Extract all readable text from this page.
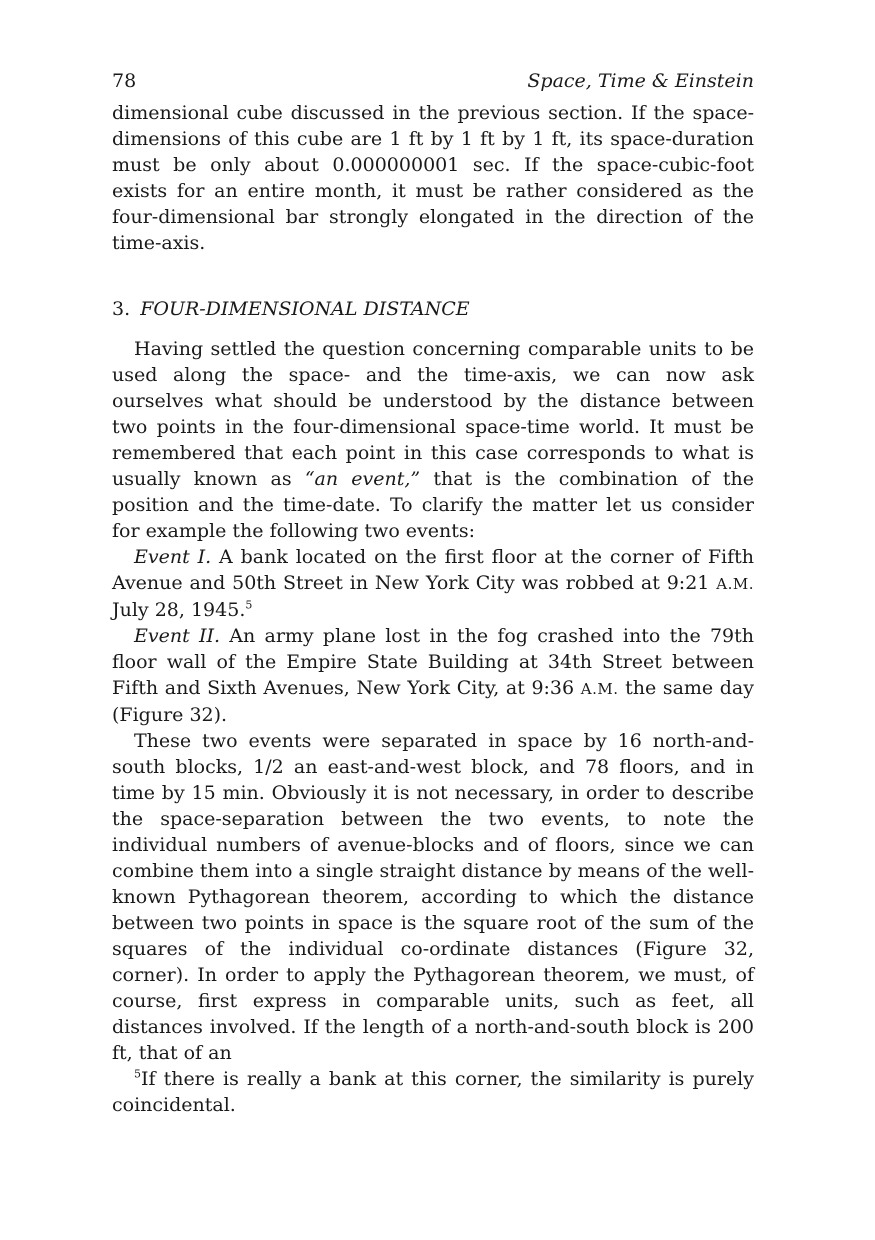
78	Space, Time & Einstein

dimensional cube discussed in the previous section. If the space-dimensions of this cube are 1 ft by 1 ft by 1 ft, its space-duration must be only about 0.000000001 sec. If the space-cubic-foot exists for an entire month, it must be rather considered as the four-dimensional bar strongly elongated in the direction of the time-axis.

3. FOUR-DIMENSIONAL DISTANCE

Having settled the question concerning comparable units to be used along the space- and the time-axis, we can now ask ourselves what should be understood by the distance between two points in the four-dimensional space-time world. It must be remembered that each point in this case corresponds to what is usually known as “an event,” that is the combination of the position and the time-date. To clarify the matter let us consider for example the following two events:

Event I. A bank located on the first floor at the corner of Fifth Avenue and 50th Street in New York City was robbed at 9:21 A.M. July 28, 1945.$^5$

Event II. An army plane lost in the fog crashed into the 79th floor wall of the Empire State Building at 34th Street between Fifth and Sixth Avenues, New York City, at 9:36 A.M. the same day (Figure 32).

These two events were separated in space by 16 north-and-south blocks, 1/2 an east-and-west block, and 78 floors, and in time by 15 min. Obviously it is not necessary, in order to describe the space-separation between the two events, to note the individual numbers of avenue-blocks and of floors, since we can combine them into a single straight distance by means of the well-known Pythagorean theorem, according to which the distance between two points in space is the square root of the sum of the squares of the individual co-ordinate distances (Figure 32, corner). In order to apply the Pythagorean theorem, we must, of course, first express in comparable units, such as feet, all distances involved. If the length of a north-and-south block is 200 ft, that of an

$^5$If there is really a bank at this corner, the similarity is purely coincidental.
